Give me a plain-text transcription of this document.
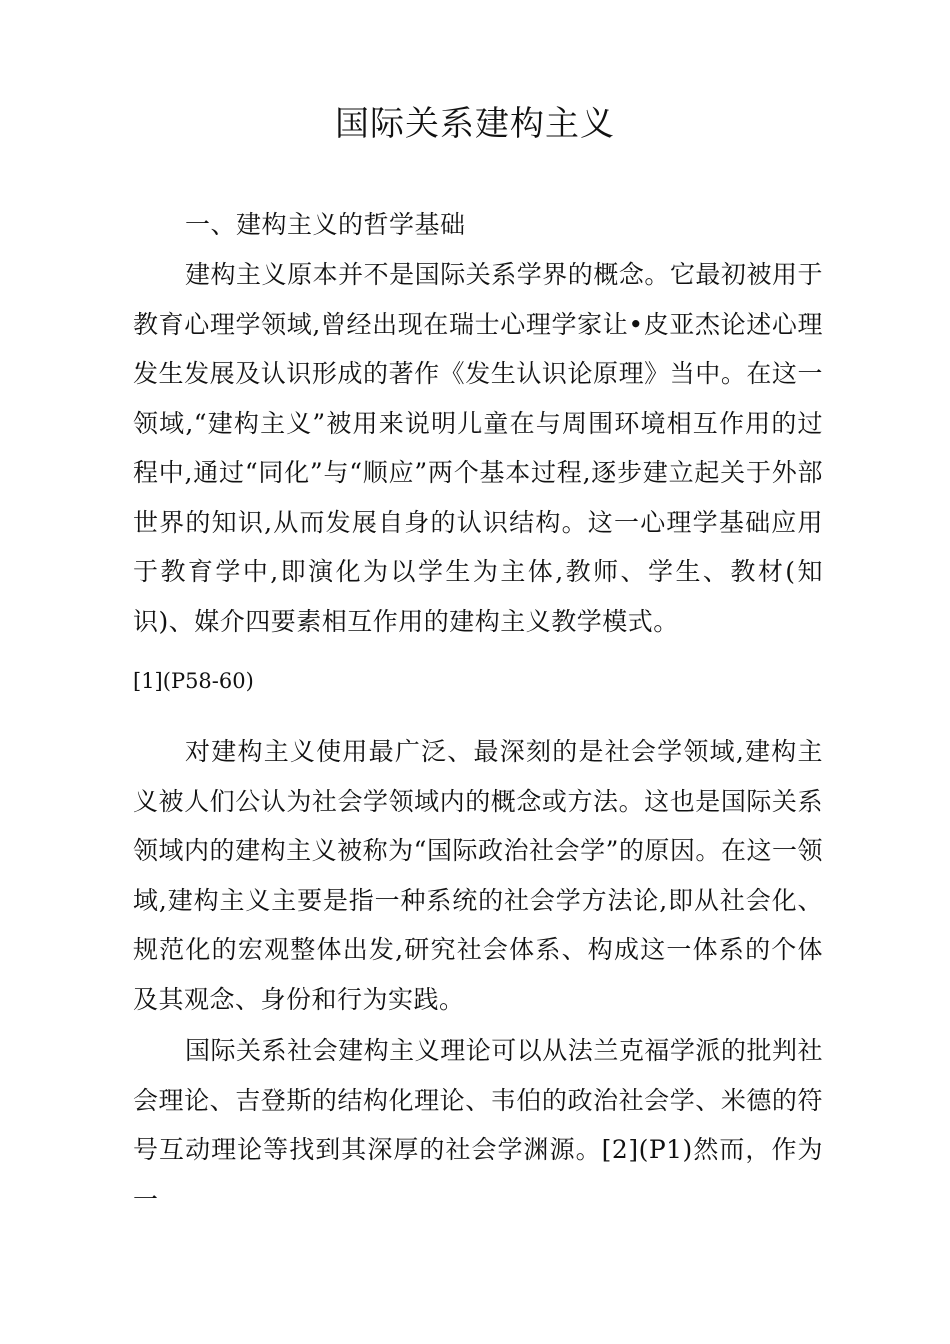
国际关系建构主义

一、建构主义的哲学基础

建构主义原本并不是国际关系学界的概念。它最初被用于教育心理学领域,曾经出现在瑞士心理学家让•皮亚杰论述心理发生发展及认识形成的著作《发生认识论原理》当中。在这一领域,“建构主义”被用来说明儿童在与周围环境相互作用的过程中,通过“同化”与“顺应”两个基本过程,逐步建立起关于外部世界的知识,从而发展自身的认识结构。这一心理学基础应用于教育学中,即演化为以学生为主体,教师、学生、教材(知识)、媒介四要素相互作用的建构主义教学模式。

[1](P58-60)

对建构主义使用最广泛、最深刻的是社会学领域,建构主义被人们公认为社会学领域内的概念或方法。这也是国际关系领域内的建构主义被称为“国际政治社会学”的原因。在这一领域,建构主义主要是指一种系统的社会学方法论,即从社会化、规范化的宏观整体出发,研究社会体系、构成这一体系的个体及其观念、身份和行为实践。

国际关系社会建构主义理论可以从法兰克福学派的批判社会理论、吉登斯的结构化理论、韦伯的政治社会学、米德的符号互动理论等找到其深厚的社会学渊源。[2](P1)然而，作为一
